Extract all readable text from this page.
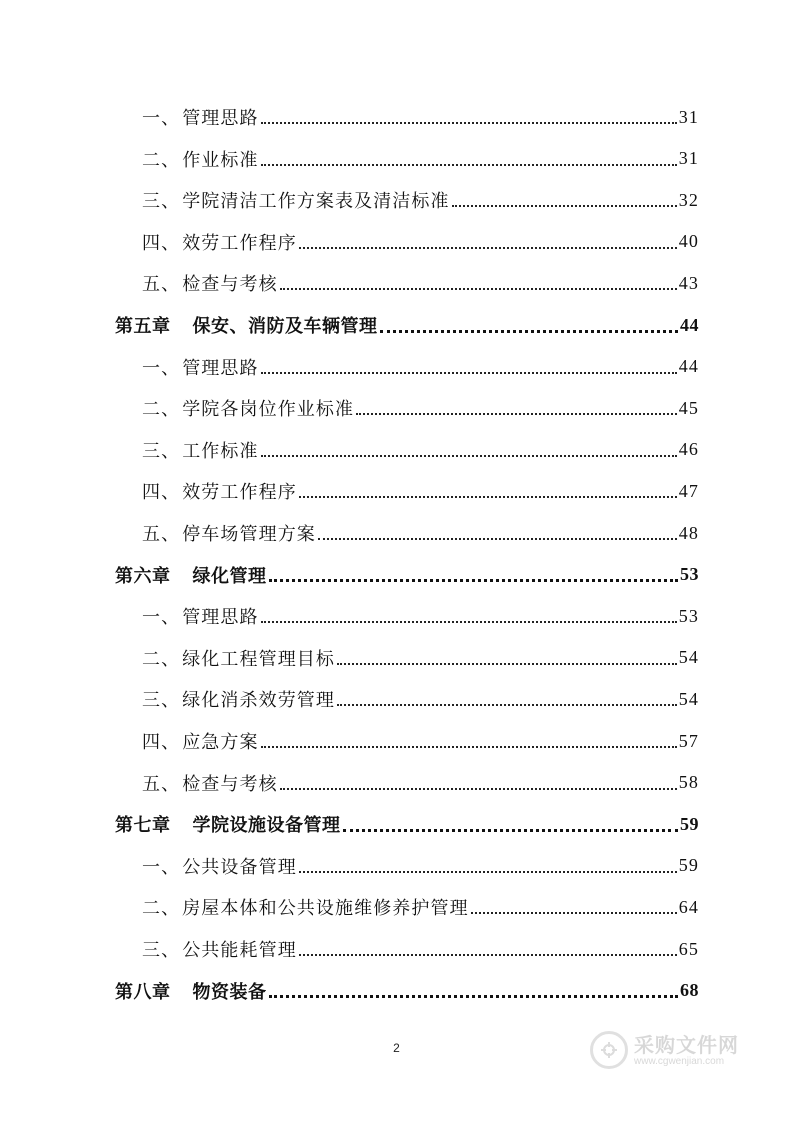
一、 管理思路	31
二、 作业标准	31
三、 学院清洁工作方案表及清洁标准	32
四、 效劳工作程序	40
五、 检查与考核	43
第五章 保安、消防及车辆管理	44
一、 管理思路	44
二、 学院各岗位作业标准	45
三、 工作标准	46
四、 效劳工作程序	47
五、 停车场管理方案	48
第六章 绿化管理	53
一、 管理思路	53
二、 绿化工程管理目标	54
三、 绿化消杀效劳管理	54
四、 应急方案	57
五、 检查与考核	58
第七章 学院设施设备管理	59
一、 公共设备管理	59
二、 房屋本体和公共设施维修养护管理	64
三、 公共能耗管理	65
第八章 物资装备	68
2	采购文件网
www.cgwenjian.com
